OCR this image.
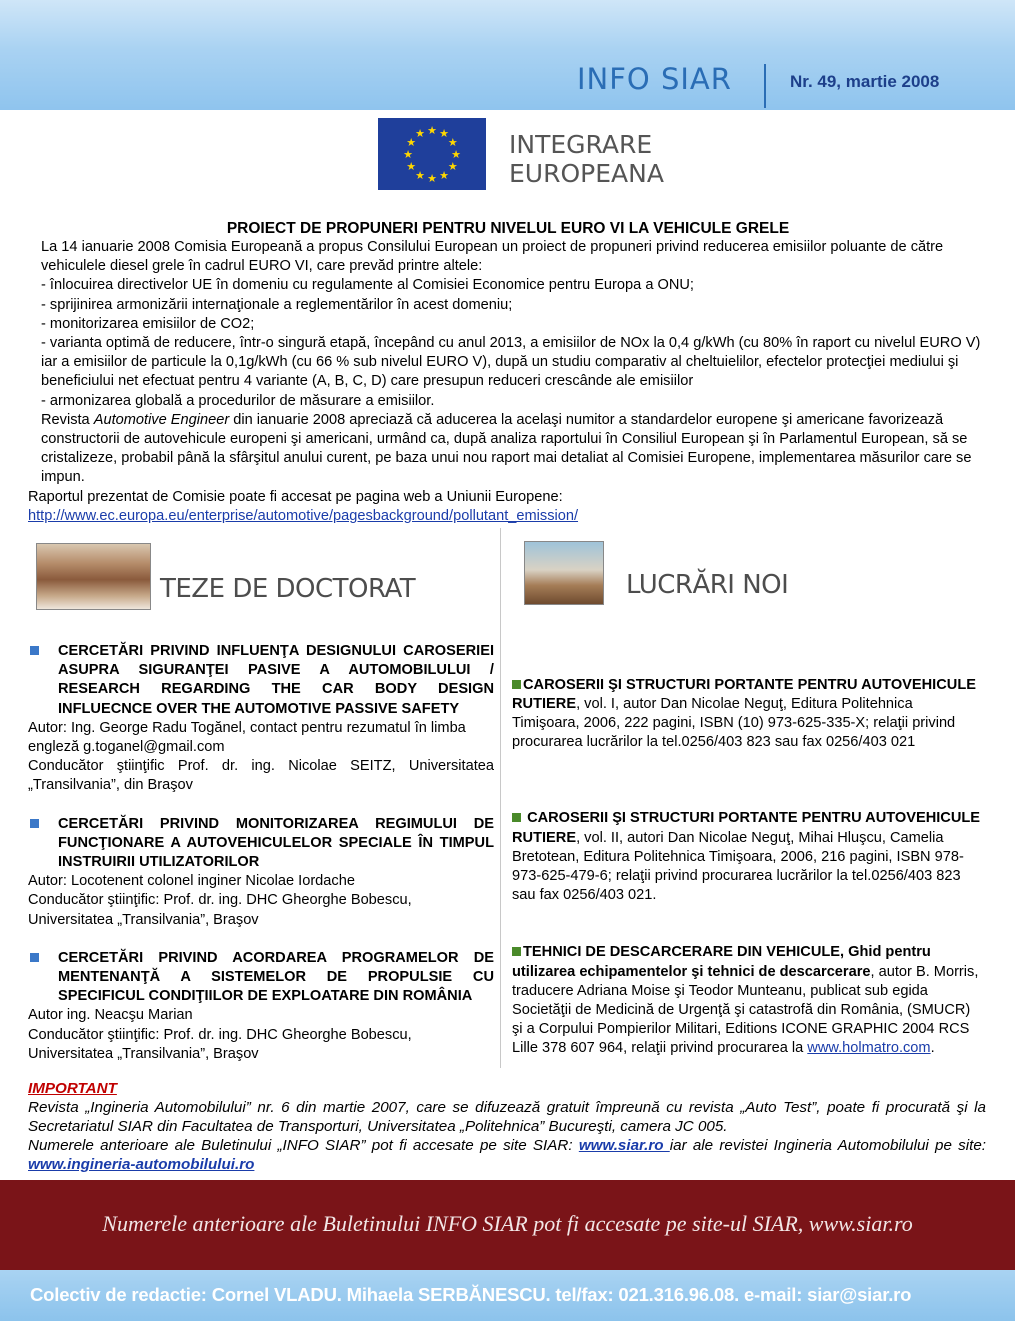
INFO SIAR	Nr. 49, martie 2008
★ ★
★
★
★
★
★
★
★
★
★
★	INTEGRARE
EUROPEANA
PROIECT DE PROPUNERI PENTRU NIVELUL EURO VI LA VEHICULE GRELE

La 14 ianuarie 2008 Comisia Europeană a propus Consilului European un proiect de propuneri privind reducerea emisiilor poluante de către vehiculele diesel grele în cadrul EURO VI, care prevăd printre altele:

- înlocuirea directivelor UE în domeniu cu regulamente al Comisiei Economice pentru Europa a ONU;

- sprijinirea armonizării internaţionale a reglementărilor în acest domeniu;

- monitorizarea emisiilor de CO2;

- varianta optimă de reducere, într-o singură etapă, începând cu anul 2013, a emisiilor de NOx la 0,4 g/kWh (cu 80% în raport cu nivelul EURO V) iar a emisiilor de particule la 0,1g/kWh (cu 66 % sub nivelul EURO V), după un studiu comparativ al cheltuielilor, efectelor protecţiei mediului şi beneficiului net efectuat pentru 4 variante (A, B, C, D) care presupun reduceri crescânde ale emisiilor

- armonizarea globală a procedurilor de măsurare a emisiilor.

Revista Automotive Engineer din ianuarie 2008 apreciază că aducerea la acelaşi numitor a standardelor europene şi americane favorizează constructorii de autovehicule europeni şi americani, urmând ca, după analiza raportului în Consiliul European şi în Parlamentul European, să se cristalizeze, probabil până la sfârşitul anului curent, pe baza unui nou raport mai detaliat al Comisiei Europene, implementarea măsurilor care se impun.

Raportul prezentat de Comisie poate fi accesat pe pagina web a Uniunii Europene:

http://www.ec.europa.eu/enterprise/automotive/pagesbackground/pollutant_emission/

TEZE DE DOCTORAT	LUCRĂRI NOI

CERCETĂRI PRIVIND INFLUENŢA DESIGNULUI CAROSERIEI ASUPRA SIGURANŢEI PASIVE A AUTOMOBILULUI / RESEARCH REGARDING THE CAR BODY DESIGN INFLUECNCE OVER THE AUTOMOTIVE PASSIVE SAFETY

Autor: Ing. George Radu Togănel, contact pentru rezumatul în limba engleză g.toganel@gmail.com

Conducător ştiinţific Prof. dr. ing. Nicolae SEITZ, Universitatea „Transilvania”, din Braşov

CERCETĂRI PRIVIND MONITORIZAREA REGIMULUI DE FUNCŢIONARE A AUTOVEHICULELOR SPECIALE ÎN TIMPUL INSTRUIRII UTILIZATORILOR

Autor: Locotenent colonel inginer Nicolae Iordache

Conducător ştiinţific: Prof. dr. ing. DHC Gheorghe Bobescu, Universitatea „Transilvania”, Braşov

CERCETĂRI PRIVIND ACORDAREA PROGRAMELOR DE MENTENANŢĂ A SISTEMELOR DE PROPULSIE CU SPECIFICUL CONDIŢIILOR DE EXPLOATARE DIN ROMÂNIA

Autor ing. Neacşu Marian

Conducător ştiinţific: Prof. dr. ing. DHC Gheorghe Bobescu, Universitatea „Transilvania”, Braşov

CAROSERII ŞI STRUCTURI PORTANTE PENTRU AUTOVEHICULE RUTIERE, vol. I, autor Dan Nicolae Neguţ, Editura Politehnica Timişoara, 2006, 222 pagini, ISBN (10) 973-625-335-X; relaţii privind procurarea lucrărilor la tel.0256/403 823 sau fax 0256/403 021

CAROSERII ŞI STRUCTURI PORTANTE PENTRU AUTOVEHICULE RUTIERE, vol. II, autori Dan Nicolae Neguţ, Mihai Hluşcu, Camelia Bretotean, Editura Politehnica Timişoara, 2006, 216 pagini, ISBN 978-973-625-479-6; relaţii privind procurarea lucrărilor la tel.0256/403 823 sau fax 0256/403 021.

TEHNICI DE DESCARCERARE DIN VEHICULE, Ghid pentru utilizarea echipamentelor şi tehnici de descarcerare, autor B. Morris, traducere Adriana Moise şi Teodor Munteanu, publicat sub egida Societăţii de Medicină de Urgenţă şi catastrofă din România, (SMUCR) şi a Corpului Pompierilor Militari, Editions ICONE GRAPHIC 2004 RCS Lille 378 607 964, relaţii privind procurarea la www.holmatro.com.

IMPORTANT

Revista „Ingineria Automobilului” nr. 6 din martie 2007, care se difuzează gratuit împreună cu revista „Auto Test”, poate fi procurată şi la Secretariatul SIAR din Facultatea de Transporturi, Universitatea „Politehnica” Bucureşti, camera JC 005.

Numerele anterioare ale Buletinului „INFO SIAR” pot fi accesate pe site SIAR: www.siar.ro iar ale revistei Ingineria Automobilului pe site: www.ingineria-automobilului.ro

Numerele anterioare ale Buletinului INFO SIAR pot fi accesate pe site-ul SIAR, www.siar.ro
Colectiv de redactie: Cornel VLADU. Mihaela SERBĂNESCU. tel/fax: 021.316.96.08. e-mail: siar@siar.ro
